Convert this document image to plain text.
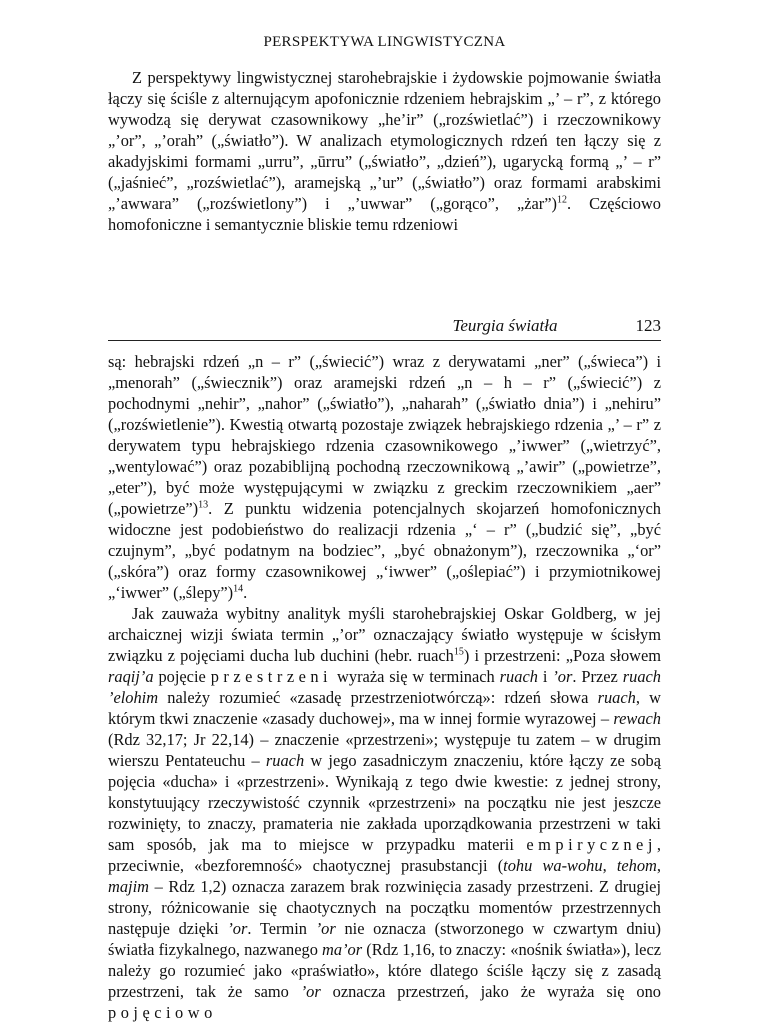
PERSPEKTYWA LINGWISTYCZNA

Z perspektywy lingwistycznej starohebrajskie i żydowskie pojmowanie światła łączy się ściśle z alternującym apofonicznie rdzeniem hebrajskim „’ – r”, z którego wywodzą się derywat czasownikowy „he’ir” („rozświetlać”) i rzeczownikowy „’or”, „’orah” („światło”). W analizach etymologicznych rdzeń ten łączy się z akadyjskimi formami „urru”, „ūrru” („światło”, „dzień”), ugarycką formą „’ – r” („jaśnieć”, „rozświetlać”), aramejską „’ur” („światło”) oraz formami arabskimi „’awwara” („rozświetlony”) i „’uwwar” („gorąco”, „żar”)$^{12}$. Częściowo homofoniczne i semantycznie bliskie temu rdzeniowi

Teurgia światła	123

są: hebrajski rdzeń „n – r” („świecić”) wraz z derywatami „ner” („świeca”) i „menorah” („świecznik”) oraz aramejski rdzeń „n – h – r” („świecić”) z pochodnymi „nehir”, „nahor” („światło”), „naharah” („światło dnia”) i „nehiru” („rozświetlenie”). Kwestią otwartą pozostaje związek hebrajskiego rdzenia „’ – r” z derywatem typu hebrajskiego rdzenia czasownikowego „’iwwer” („wietrzyć”, „wentylować”) oraz pozabiblijną pochodną rzeczownikową „’awir” („powietrze”, „eter”), być może występującymi w związku z greckim rzeczownikiem „aer” („powietrze”)$^{13}$. Z punktu widzenia potencjalnych skojarzeń homofonicznych widoczne jest podobieństwo do realizacji rdzenia „‘ – r” („budzić się”, „być czujnym”, „być podatnym na bodziec”, „być obnażonym”), rzeczownika „‘or” („skóra”) oraz formy czasownikowej „‘iwwer” („oślepiać”) i przymiotnikowej „‘iwwer” („ślepy”)$^{14}$.

Jak zauważa wybitny analityk myśli starohebrajskiej Oskar Goldberg, w jej archaicznej wizji świata termin „’or” oznaczający światło występuje w ścisłym związku z pojęciami ducha lub duchini (hebr. ruach$^{15}$) i przestrzeni: „Poza słowem raqij’a pojęcie przestrzeni wyraża się w terminach ruach i ’or. Przez ruach ’elohim należy rozumieć «zasadę przestrzeniotwórczą»: rdzeń słowa ruach, w którym tkwi znaczenie «zasady duchowej», ma w innej formie wyrazowej – rewach (Rdz 32,17; Jr 22,14) – znaczenie «przestrzeni»; występuje tu zatem – w drugim wierszu Pentateuchu – ruach w jego zasadniczym znaczeniu, które łączy ze sobą pojęcia «ducha» i «przestrzeni». Wynikają z tego dwie kwestie: z jednej strony, konstytuujący rzeczywistość czynnik «przestrzeni» na początku nie jest jeszcze rozwinięty, to znaczy, pramateria nie zakłada uporządkowania przestrzeni w taki sam sposób, jak ma to miejsce w przypadku materii empirycznej, przeciwnie, «bezforemność» chaotycznej prasubstancji (tohu wa-wohu, tehom, majim – Rdz 1,2) oznacza zarazem brak rozwinięcia zasady przestrzeni. Z drugiej strony, różnicowanie się chaotycznych na początku momentów przestrzennych następuje dzięki ’or. Termin ’or nie oznacza (stworzonego w czwartym dniu) światła fizykalnego, nazwanego ma’or (Rdz 1,16, to znaczy: «nośnik światła»), lecz należy go rozumieć jako «praświatło», które dlatego ściśle łączy się z zasadą przestrzeni, tak że samo ’or oznacza przestrzeń, jako że wyraża się ono pojęciowo
